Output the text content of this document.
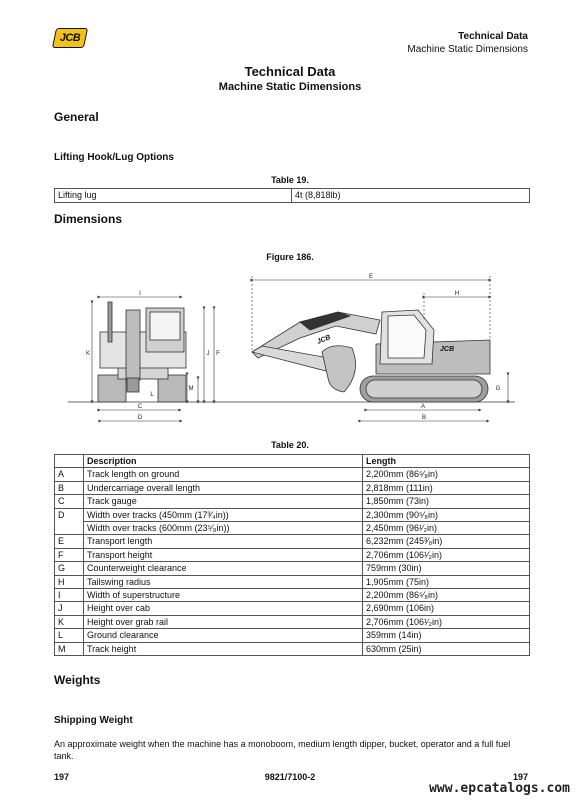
JCB	Technical Data
Machine Static Dimensions
Technical Data
Machine Static Dimensions
General
Lifting Hook/Lug Options
Table 19.
Lifting lug	4t (8,818lb)
Dimensions
Figure 186.
I
C
D
K	F
J
M
L
E
H
A
B
G
JCB
JCB
Table 20.
	Description	Length
A	Track length on ground	2,200mm (86⁵⁄₈in)
B	Undercarriage overall length	2,818mm (111in)
C	Track gauge	1,850mm (73in)
D	Width over tracks (450mm (17³⁄₄in))	2,300mm (90⁵⁄₈in)
	Width over tracks (600mm (23⁵⁄₈in))	2,450mm (96¹⁄₂in)
E	Transport length	6,232mm (245³⁄₈in)
F	Transport height	2,706mm (106¹⁄₂in)
G	Counterweight clearance	759mm (30in)
H	Tailswing radius	1,905mm (75in)
I	Width of superstructure	2,200mm (86⁵⁄₈in)
J	Height over cab	2,690mm (106in)
K	Height over grab rail	2,706mm (106¹⁄₂in)
L	Ground clearance	359mm (14in)
M	Track height	630mm (25in)
Weights
Shipping Weight
An approximate weight when the machine has a monoboom, medium length dipper, bucket, operator and a full fuel tank.
197	9821/7100-2	197
www.epcatalogs.com
